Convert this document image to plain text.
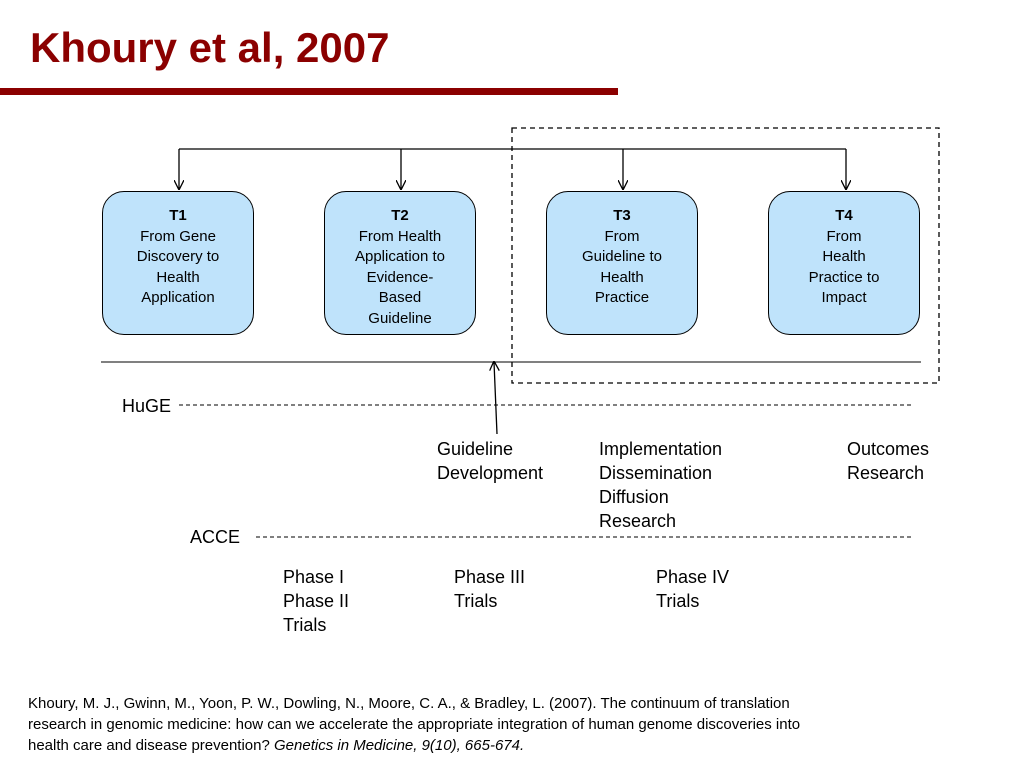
Khoury et al, 2007
T1
From Gene
Discovery to
Health
Application
T2
From Health
Application to
Evidence-
Based
Guideline
T3
From
Guideline to
Health
Practice
T4
From
Health
Practice to
Impact
HuGE
Guideline
Development
Implementation
Dissemination
Diffusion
Research
Outcomes
Research
ACCE
Phase I
Phase II
Trials
Phase III
Trials
Phase IV
Trials
Khoury, M. J., Gwinn, M., Yoon, P. W., Dowling, N., Moore, C. A., & Bradley, L. (2007). The continuum of translation research in genomic medicine: how can we accelerate the appropriate integration of human genome discoveries into health care and disease prevention? Genetics in Medicine, 9(10), 665-674.
